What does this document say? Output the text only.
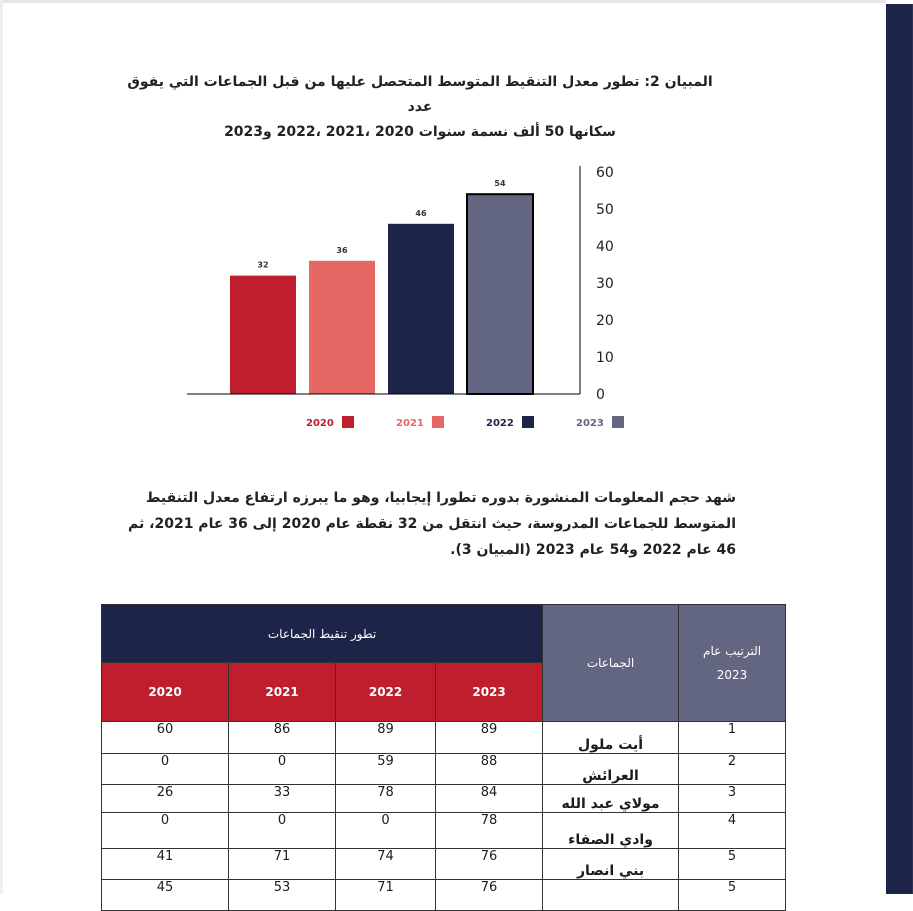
المبيان 2: تطور معدل التنقيط المتوسط المتحصل عليها من قبل الجماعات التي يفوق عدد
سكانها 50 ألف نسمة سنوات 2020 ،2021 ،2022 و2023
32
36
46
54
0
10
20
30
40
50
60
2020	2021	2022	2023
شهد حجم المعلومات المنشورة بدوره تطورا إيجابيا، وهو ما يبرزه ارتفاع معدل التنقيط
المتوسط للجماعات المدروسة، حيث انتقل من 32 نقطة عام 2020 إلى 36 عام 2021، ثم
46 عام 2022 و54 عام 2023 (المبيان 3).
الترتيب عام 2023	الجماعات	تطور تنقيط الجماعات			
		2023	2022	2021	2020
1	أيت ملول	89	89	86	60
2	العرائش	88	59	0	0
3	مولاي عبد الله	84	78	33	26
4	وادي الصفاء	78	0	0	0
5	بني انصار	76	74	71	41
5		76	71	53	45
